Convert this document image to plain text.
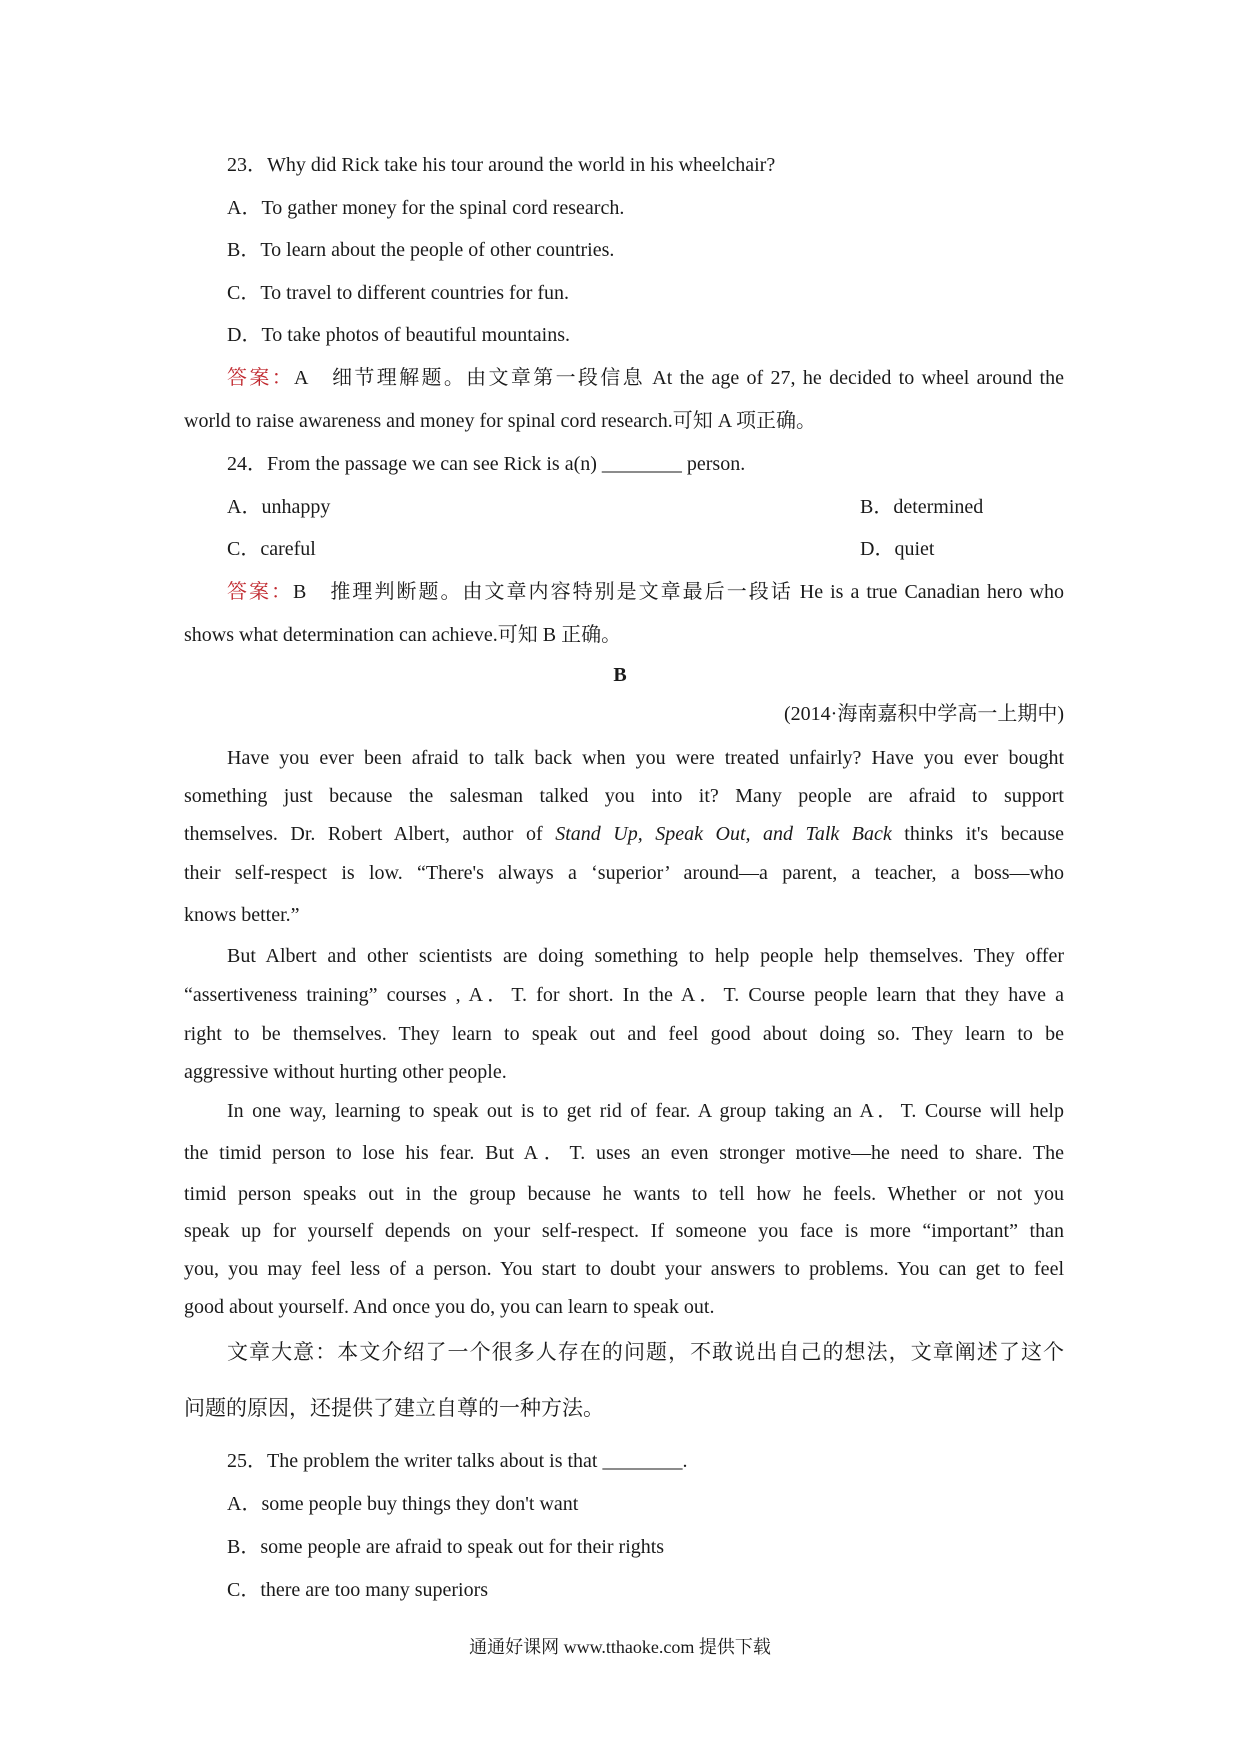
23．Why did Rick take his tour around the world in his wheelchair?
A．To gather money for the spinal cord research.
B．To learn about the people of other countries.
C．To travel to different countries for fun.
D．To take photos of beautiful mountains.
答案：A　细节理解题。由文章第一段信息 At the age of 27, he decided to wheel around the
world to raise awareness and money for spinal cord research.可知 A 项正确。
24．From the passage we can see Rick is a(n) ________ person.
A．unhappy	B．determined
C．careful	D．quiet
答案：B　推理判断题。由文章内容特别是文章最后一段话 He is a true Canadian hero who
shows what determination can achieve.可知 B 正确。
B
(2014·海南嘉积中学高一上期中)
Have you ever been afraid to talk back when you were treated unfairly? Have you ever bought
something just because the salesman talked you into it? Many people are afraid to support
themselves. Dr. Robert Albert, author of Stand Up, Speak Out, and Talk Back thinks it's because
their self-respect is low. “There's always a ‘superior’ around—a parent, a teacher, a boss—who
knows better.”
But Albert and other scientists are doing something to help people help themselves. They offer
“assertiveness training” courses , A．T. for short. In the A．T. Course people learn that they have a
right to be themselves. They learn to speak out and feel good about doing so. They learn to be
aggressive without hurting other people.
In one way, learning to speak out is to get rid of fear. A group taking an A．T. Course will help
the timid person to lose his fear. But A．T. uses an even stronger motive—he need to share. The
timid person speaks out in the group because he wants to tell how he feels. Whether or not you
speak up for yourself depends on your self-respect. If someone you face is more “important” than
you, you may feel less of a person. You start to doubt your answers to problems. You can get to feel
good about yourself. And once you do, you can learn to speak out.
文章大意：本文介绍了一个很多人存在的问题，不敢说出自己的想法，文章阐述了这个
问题的原因，还提供了建立自尊的一种方法。
25．The problem the writer talks about is that ________.
A．some people buy things they don't want
B．some people are afraid to speak out for their rights
C．there are too many superiors
通通好课网 www.tthaoke.com 提供下载
